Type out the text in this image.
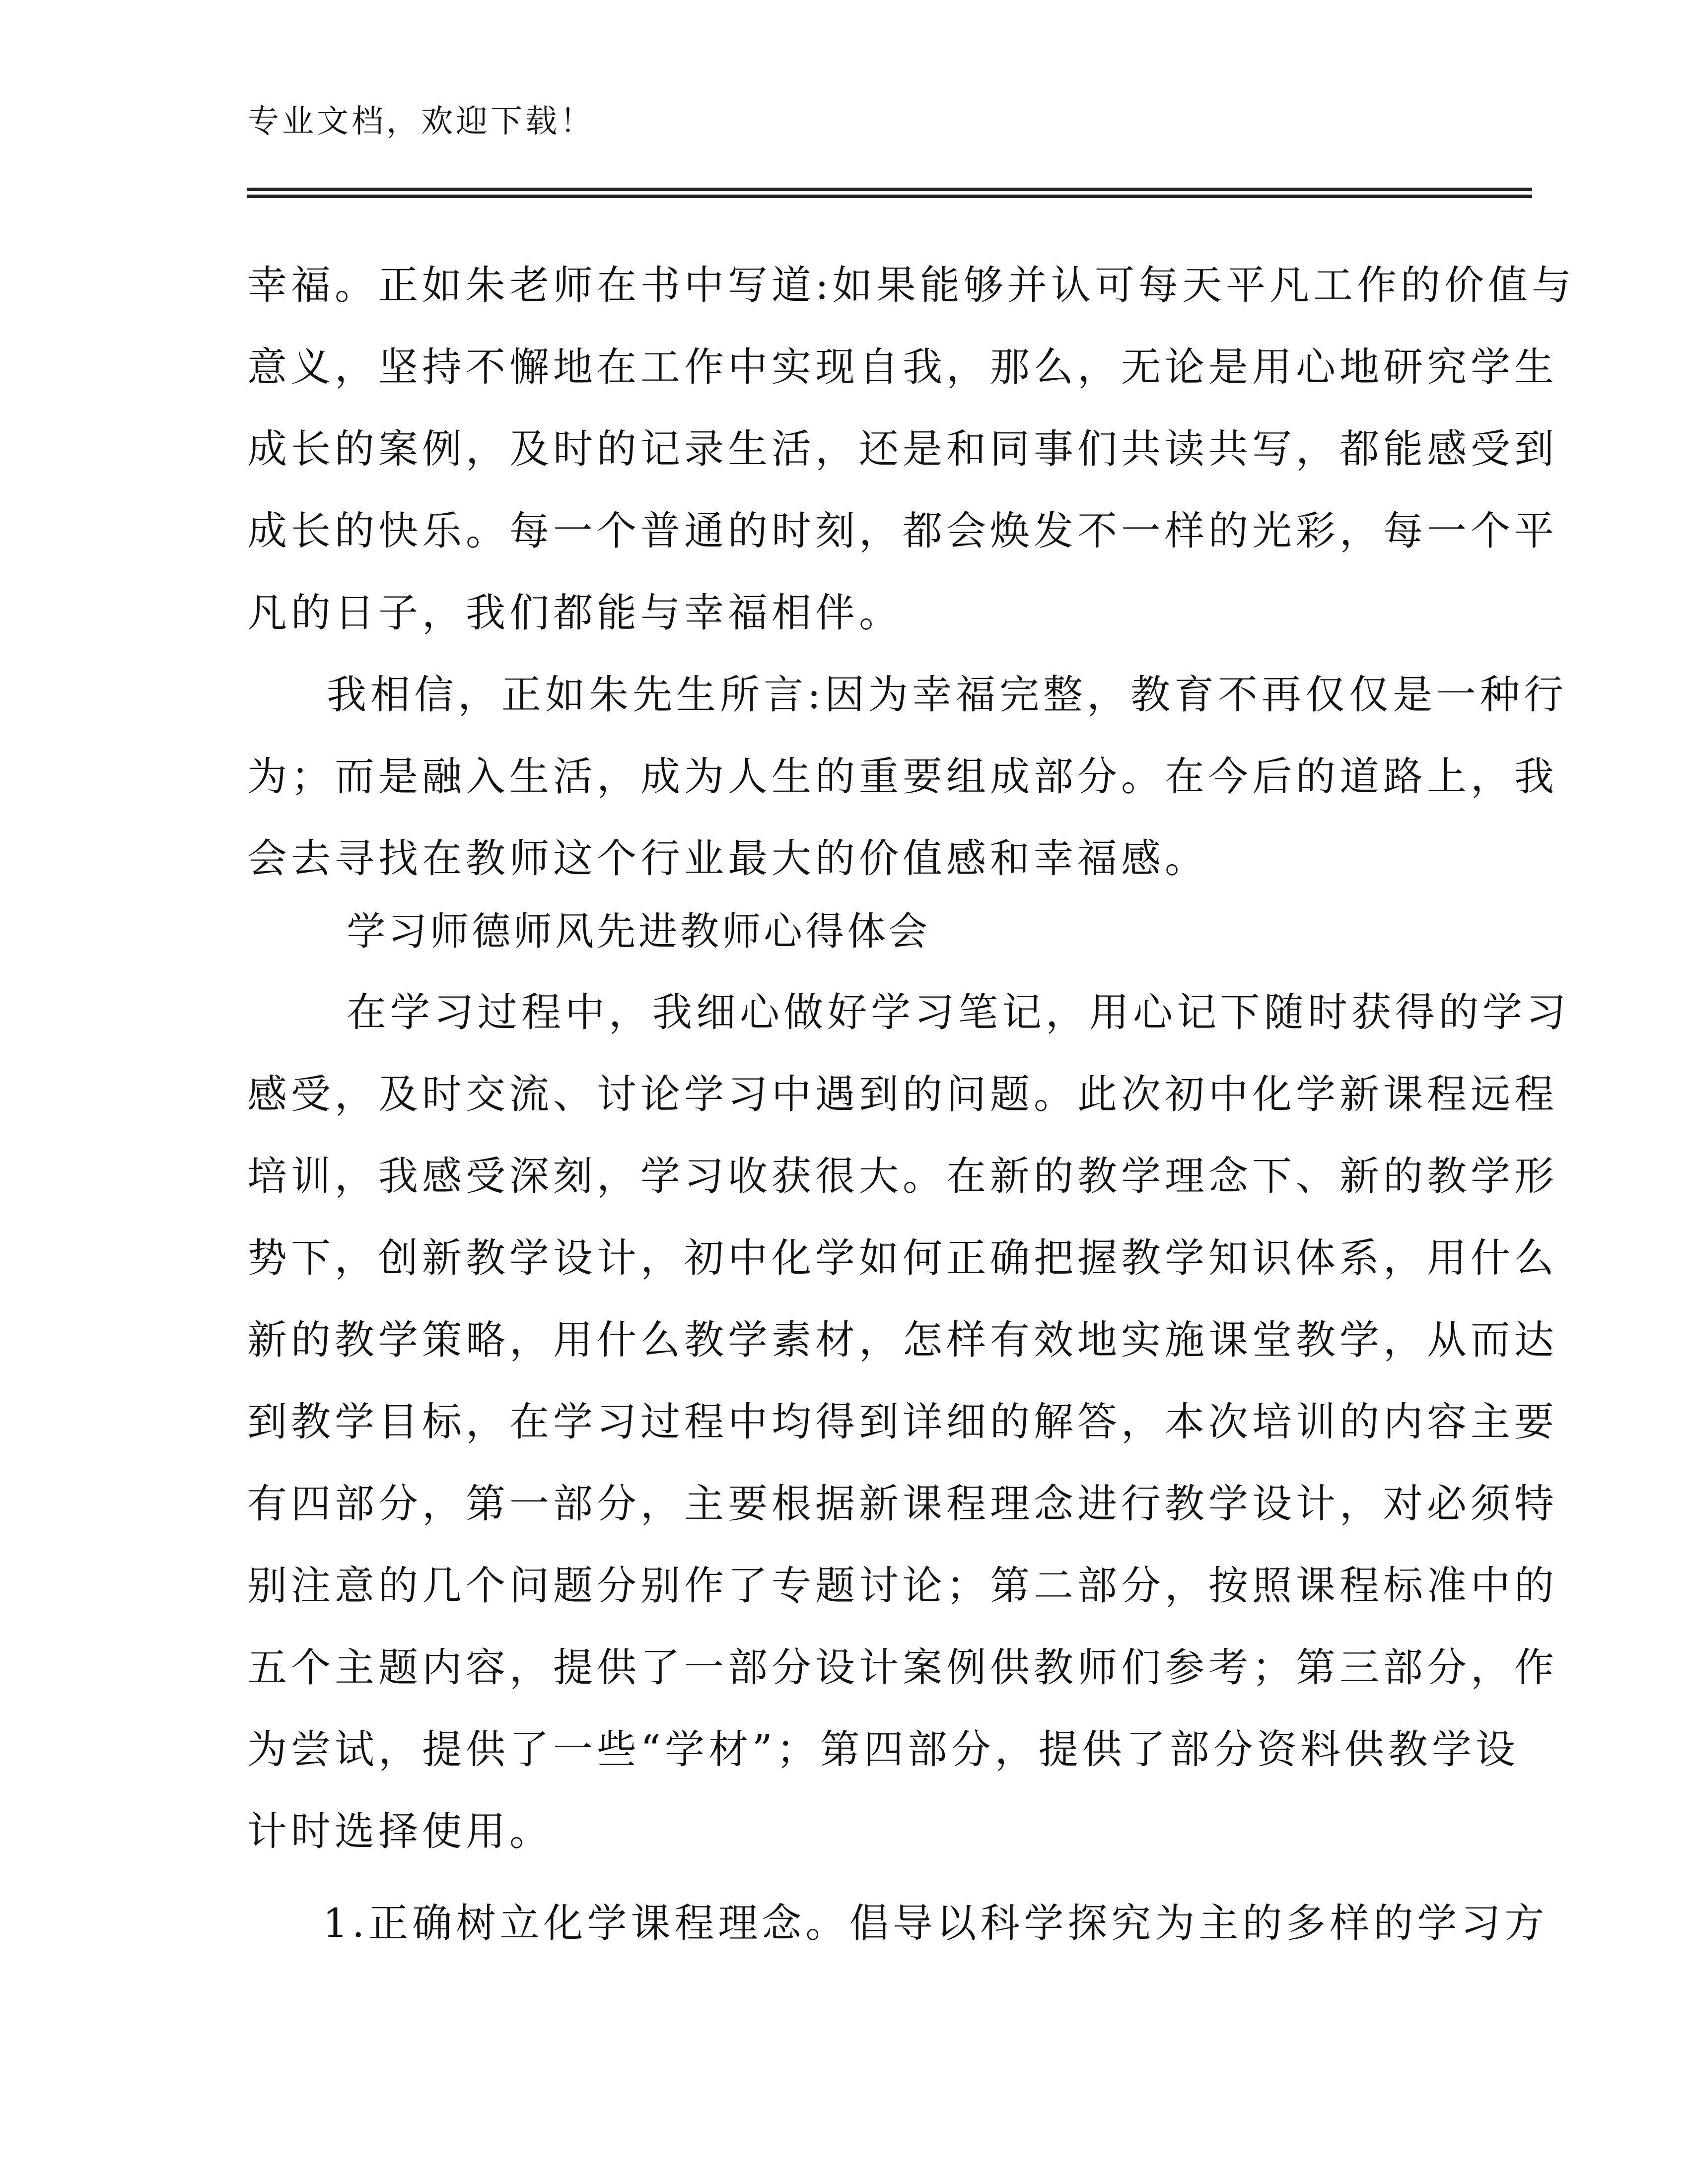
专业文档，欢迎下载！
幸福。正如朱老师在书中写道:如果能够并认可每天平凡工作的价值与
意义，坚持不懈地在工作中实现自我，那么，无论是用心地研究学生
成长的案例，及时的记录生活，还是和同事们共读共写，都能感受到
成长的快乐。每一个普通的时刻，都会焕发不一样的光彩，每一个平
凡的日子，我们都能与幸福相伴。
我相信，正如朱先生所言:因为幸福完整，教育不再仅仅是一种行
为；而是融入生活，成为人生的重要组成部分。在今后的道路上，我
会去寻找在教师这个行业最大的价值感和幸福感。
学习师德师风先进教师心得体会
在学习过程中，我细心做好学习笔记，用心记下随时获得的学习
感受，及时交流、讨论学习中遇到的问题。此次初中化学新课程远程
培训，我感受深刻，学习收获很大。在新的教学理念下、新的教学形
势下，创新教学设计，初中化学如何正确把握教学知识体系，用什么
新的教学策略，用什么教学素材，怎样有效地实施课堂教学，从而达
到教学目标，在学习过程中均得到详细的解答，本次培训的内容主要
有四部分，第一部分，主要根据新课程理念进行教学设计，对必须特
别注意的几个问题分别作了专题讨论；第二部分，按照课程标准中的
五个主题内容，提供了一部分设计案例供教师们参考；第三部分，作
为尝试，提供了一些“学材”；第四部分，提供了部分资料供教学设
计时选择使用。
1.正确树立化学课程理念。倡导以科学探究为主的多样的学习方
